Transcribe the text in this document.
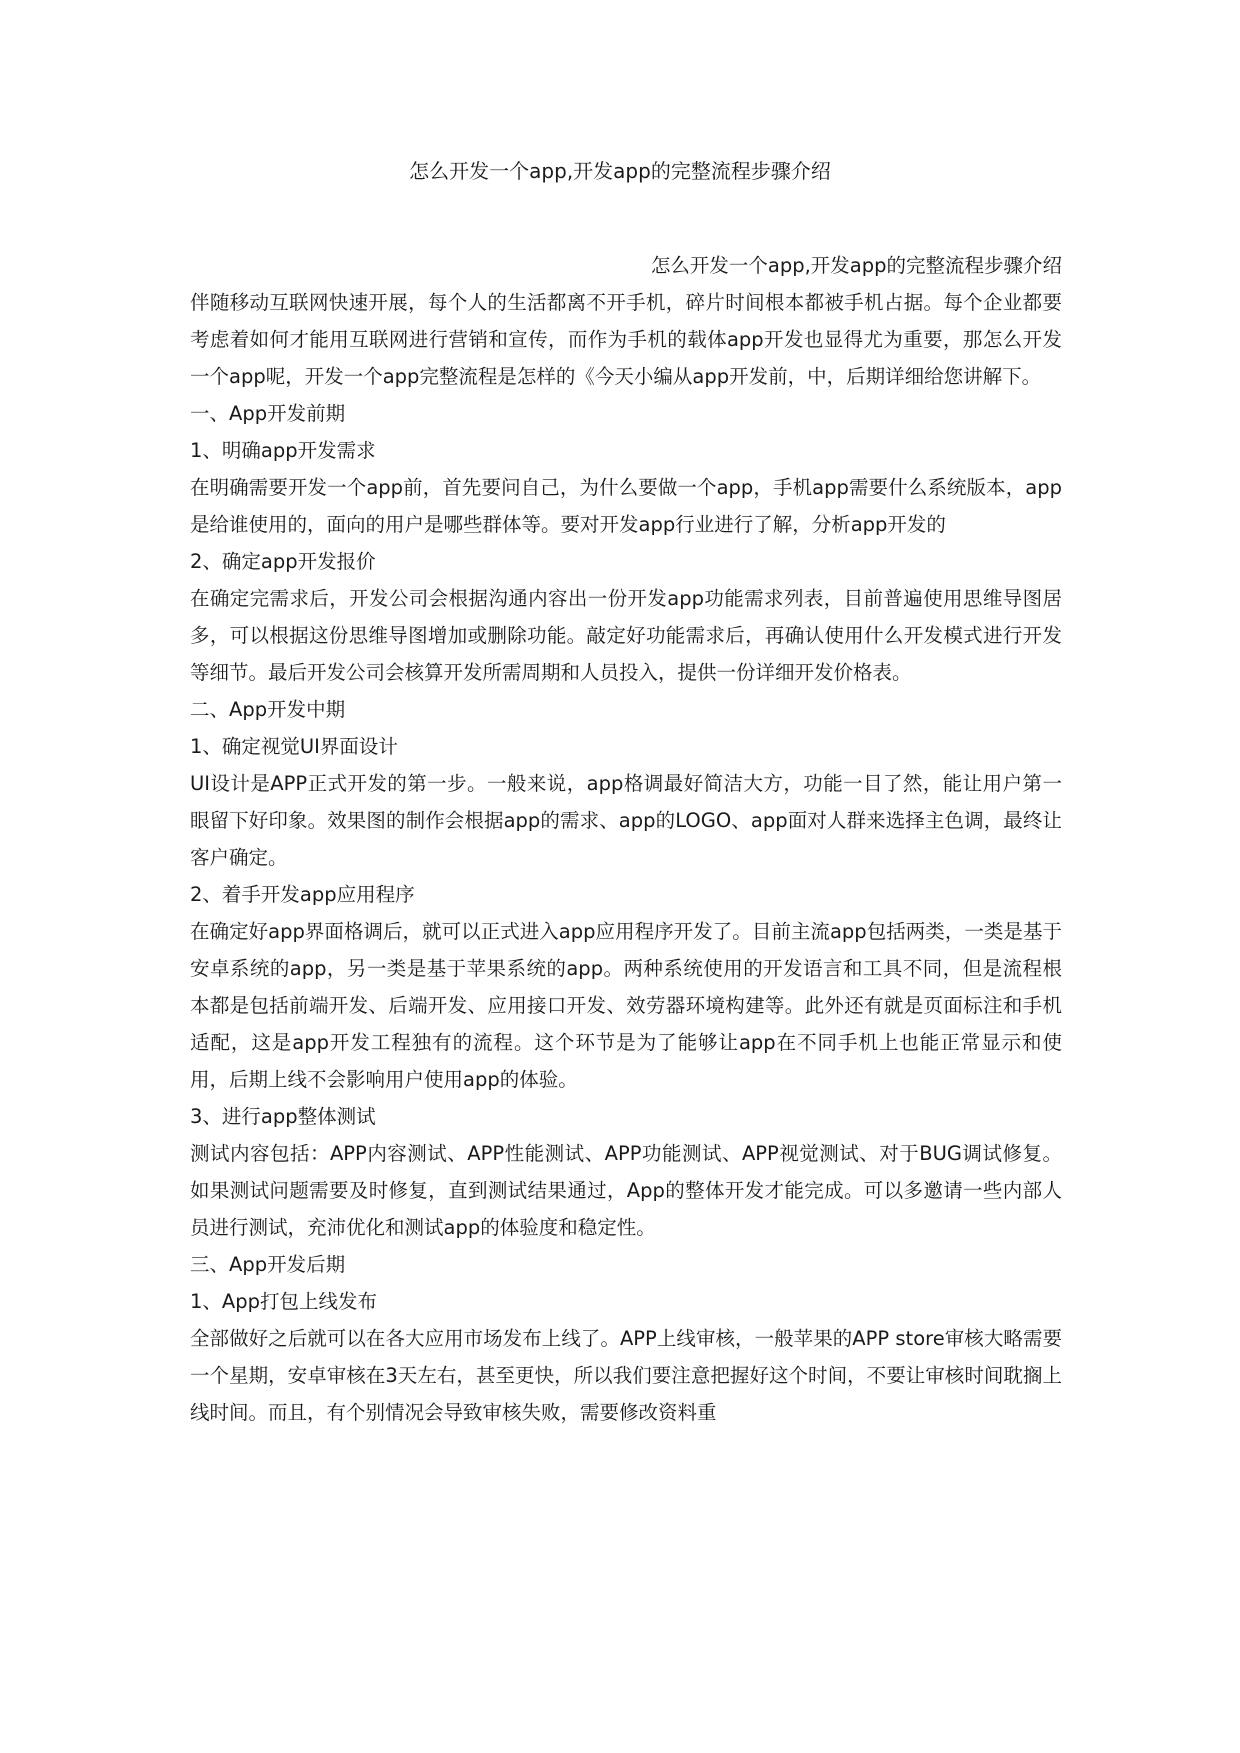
怎么开发一个app,开发app的完整流程步骤介绍

怎么开发一个app,开发app的完整流程步骤介绍

伴随移动互联网快速开展，每个人的生活都离不开手机，碎片时间根本都被手机占据。每个企业都要考虑着如何才能用互联网进行营销和宣传，而作为手机的载体app开发也显得尤为重要，那怎么开发一个app呢，开发一个app完整流程是怎样的《今天小编从app开发前，中，后期详细给您讲解下。

一、App开发前期

1、明确app开发需求

在明确需要开发一个app前，首先要问自己，为什么要做一个app，手机app需要什么系统版本，app是给谁使用的，面向的用户是哪些群体等。要对开发app行业进行了解，分析app开发的

2、确定app开发报价

在确定完需求后，开发公司会根据沟通内容出一份开发app功能需求列表，目前普遍使用思维导图居多，可以根据这份思维导图增加或删除功能。敲定好功能需求后，再确认使用什么开发模式进行开发等细节。最后开发公司会核算开发所需周期和人员投入，提供一份详细开发价格表。

二、App开发中期

1、确定视觉UI界面设计

UI设计是APP正式开发的第一步。一般来说，app格调最好简洁大方，功能一目了然，能让用户第一眼留下好印象。效果图的制作会根据app的需求、app的LOGO、app面对人群来选择主色调，最终让客户确定。

2、着手开发app应用程序

在确定好app界面格调后，就可以正式进入app应用程序开发了。目前主流app包括两类，一类是基于安卓系统的app，另一类是基于苹果系统的app。两种系统使用的开发语言和工具不同，但是流程根本都是包括前端开发、后端开发、应用接口开发、效劳器环境构建等。此外还有就是页面标注和手机适配，这是app开发工程独有的流程。这个环节是为了能够让app在不同手机上也能正常显示和使用，后期上线不会影响用户使用app的体验。

3、进行app整体测试

测试内容包括：APP内容测试、APP性能测试、APP功能测试、APP视觉测试、对于BUG调试修复。如果测试问题需要及时修复，直到测试结果通过，App的整体开发才能完成。可以多邀请一些内部人员进行测试，充沛优化和测试app的体验度和稳定性。

三、App开发后期

1、App打包上线发布

全部做好之后就可以在各大应用市场发布上线了。APP上线审核，一般苹果的APP store审核大略需要一个星期，安卓审核在3天左右，甚至更快，所以我们要注意把握好这个时间，不要让审核时间耽搁上线时间。而且，有个别情况会导致审核失败，需要修改资料重
